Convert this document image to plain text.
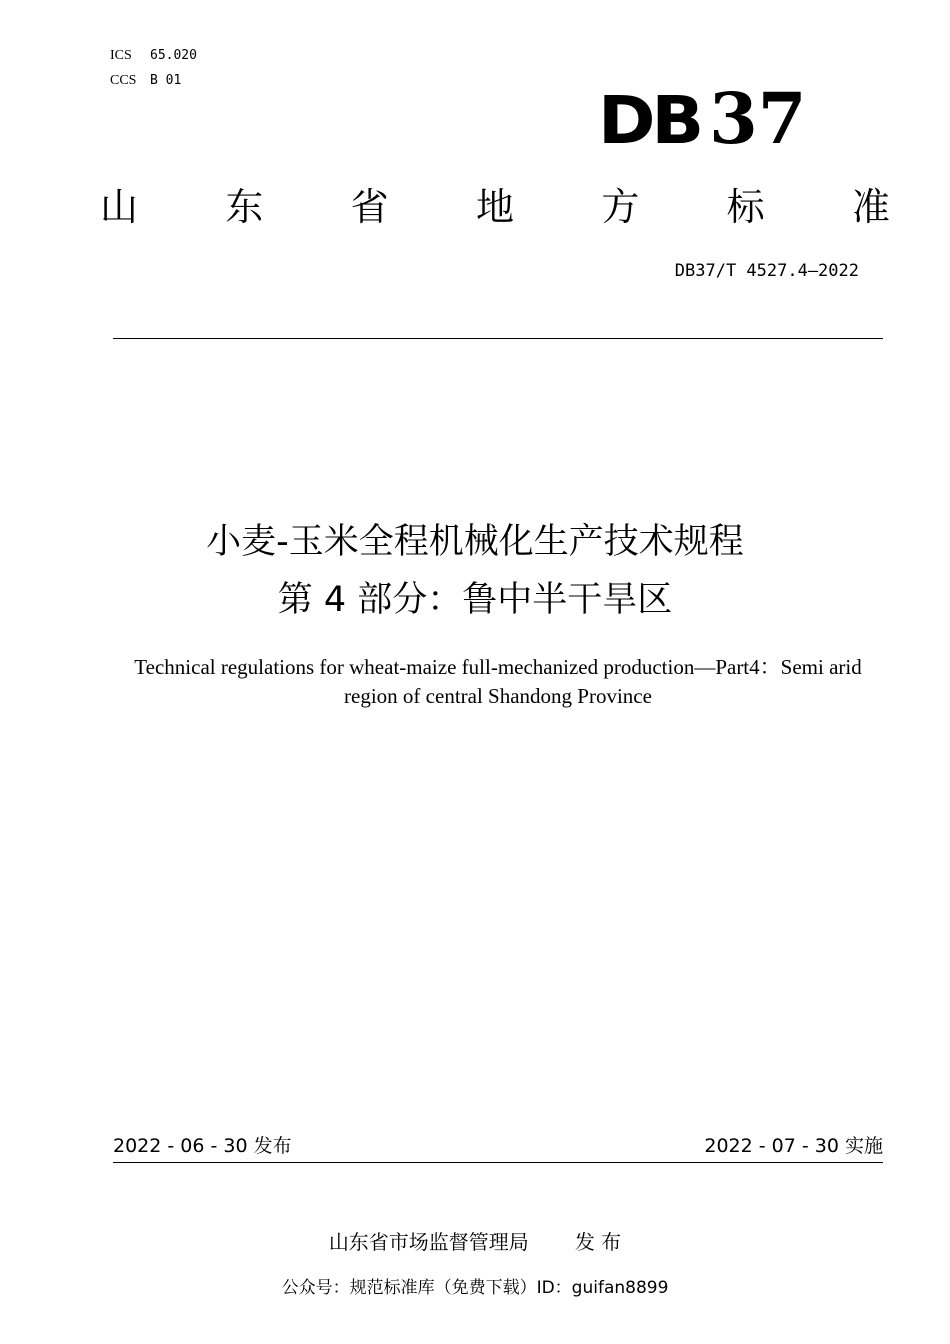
ICS 65.020
CCS B 01
DB 37
山 东 省 地 方 标 准
DB37/T 4527.4—2022
小麦-玉米全程机械化生产技术规程
第 4 部分：鲁中半干旱区
Technical regulations for wheat-maize full-mechanized production—Part4：Semi arid region of central Shandong Province
2022 - 06 - 30 发布	2022 - 07 - 30 实施
山东省市场监督管理局 发 布
公众号：规范标准库（免费下载）ID：guifan8899
